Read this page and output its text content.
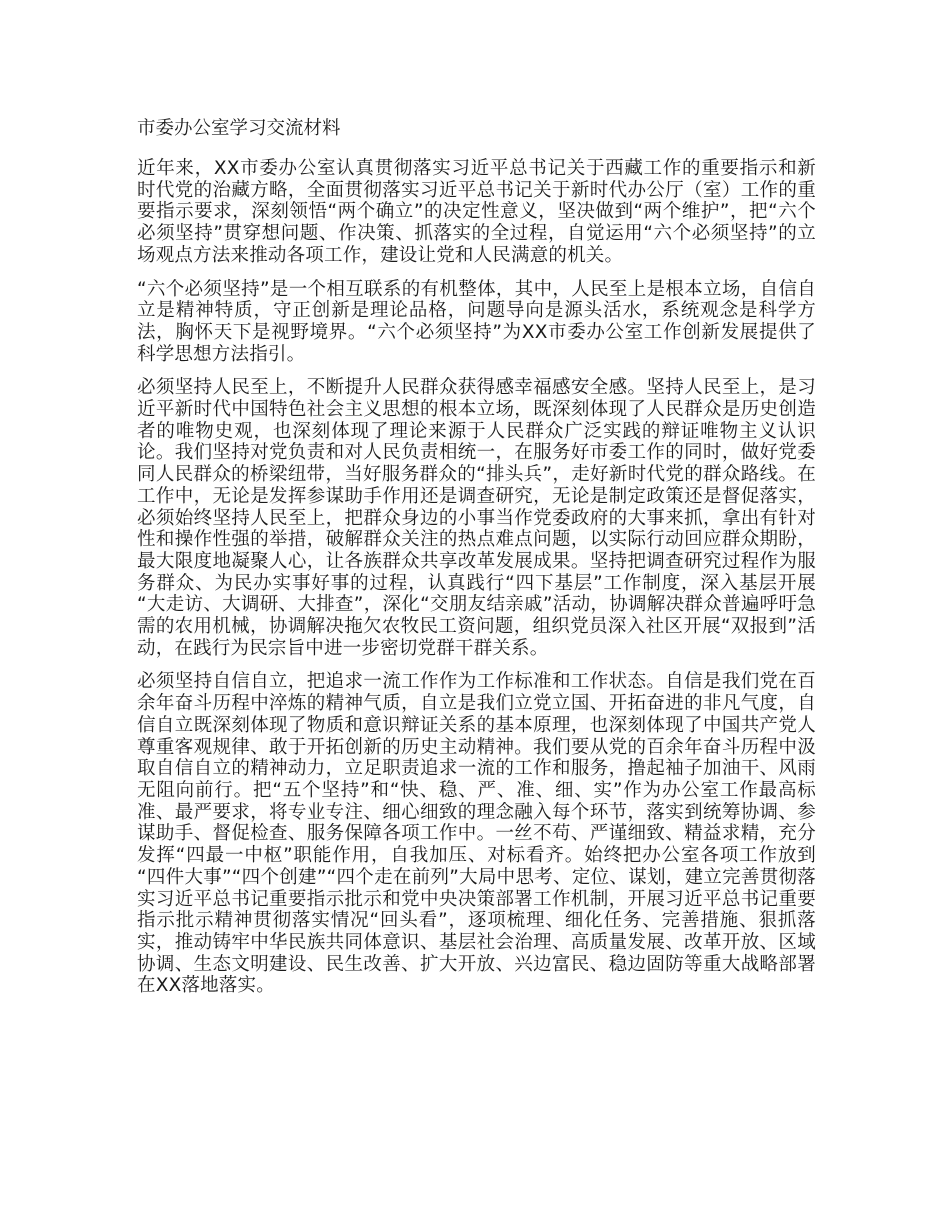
市委办公室学习交流材料

近年来，XX市委办公室认真贯彻落实习近平总书记关于西藏工作的重要指示和新时代党的治藏方略，全面贯彻落实习近平总书记关于新时代办公厅（室）工作的重要指示要求，深刻领悟“两个确立”的决定性意义，坚决做到“两个维护”，把“六个必须坚持”贯穿想问题、作决策、抓落实的全过程，自觉运用“六个必须坚持”的立场观点方法来推动各项工作，建设让党和人民满意的机关。

“六个必须坚持”是一个相互联系的有机整体，其中，人民至上是根本立场，自信自立是精神特质，守正创新是理论品格，问题导向是源头活水，系统观念是科学方法，胸怀天下是视野境界。“六个必须坚持”为XX市委办公室工作创新发展提供了科学思想方法指引。

必须坚持人民至上，不断提升人民群众获得感幸福感安全感。坚持人民至上，是习近平新时代中国特色社会主义思想的根本立场，既深刻体现了人民群众是历史创造者的唯物史观，也深刻体现了理论来源于人民群众广泛实践的辩证唯物主义认识论。我们坚持对党负责和对人民负责相统一，在服务好市委工作的同时，做好党委同人民群众的桥梁纽带，当好服务群众的“排头兵”，走好新时代党的群众路线。在工作中，无论是发挥参谋助手作用还是调查研究，无论是制定政策还是督促落实，必须始终坚持人民至上，把群众身边的小事当作党委政府的大事来抓，拿出有针对性和操作性强的举措，破解群众关注的热点难点问题，以实际行动回应群众期盼，最大限度地凝聚人心，让各族群众共享改革发展成果。坚持把调查研究过程作为服务群众、为民办实事好事的过程，认真践行“四下基层”工作制度，深入基层开展“大走访、大调研、大排查”，深化“交朋友结亲戚”活动，协调解决群众普遍呼吁急需的农用机械，协调解决拖欠农牧民工资问题，组织党员深入社区开展“双报到”活动，在践行为民宗旨中进一步密切党群干群关系。

必须坚持自信自立，把追求一流工作作为工作标准和工作状态。自信是我们党在百余年奋斗历程中淬炼的精神气质，自立是我们立党立国、开拓奋进的非凡气度，自信自立既深刻体现了物质和意识辩证关系的基本原理，也深刻体现了中国共产党人尊重客观规律、敢于开拓创新的历史主动精神。我们要从党的百余年奋斗历程中汲取自信自立的精神动力，立足职责追求一流的工作和服务，撸起袖子加油干、风雨无阻向前行。把“五个坚持”和“快、稳、严、准、细、实”作为办公室工作最高标准、最严要求，将专业专注、细心细致的理念融入每个环节，落实到统筹协调、参谋助手、督促检查、服务保障各项工作中。一丝不苟、严谨细致、精益求精，充分发挥“四最一中枢”职能作用，自我加压、对标看齐。始终把办公室各项工作放到“四件大事”“四个创建”“四个走在前列”大局中思考、定位、谋划，建立完善贯彻落实习近平总书记重要指示批示和党中央决策部署工作机制，开展习近平总书记重要指示批示精神贯彻落实情况“回头看”，逐项梳理、细化任务、完善措施、狠抓落实，推动铸牢中华民族共同体意识、基层社会治理、高质量发展、改革开放、区域协调、生态文明建设、民生改善、扩大开放、兴边富民、稳边固防等重大战略部署在XX落地落实。
